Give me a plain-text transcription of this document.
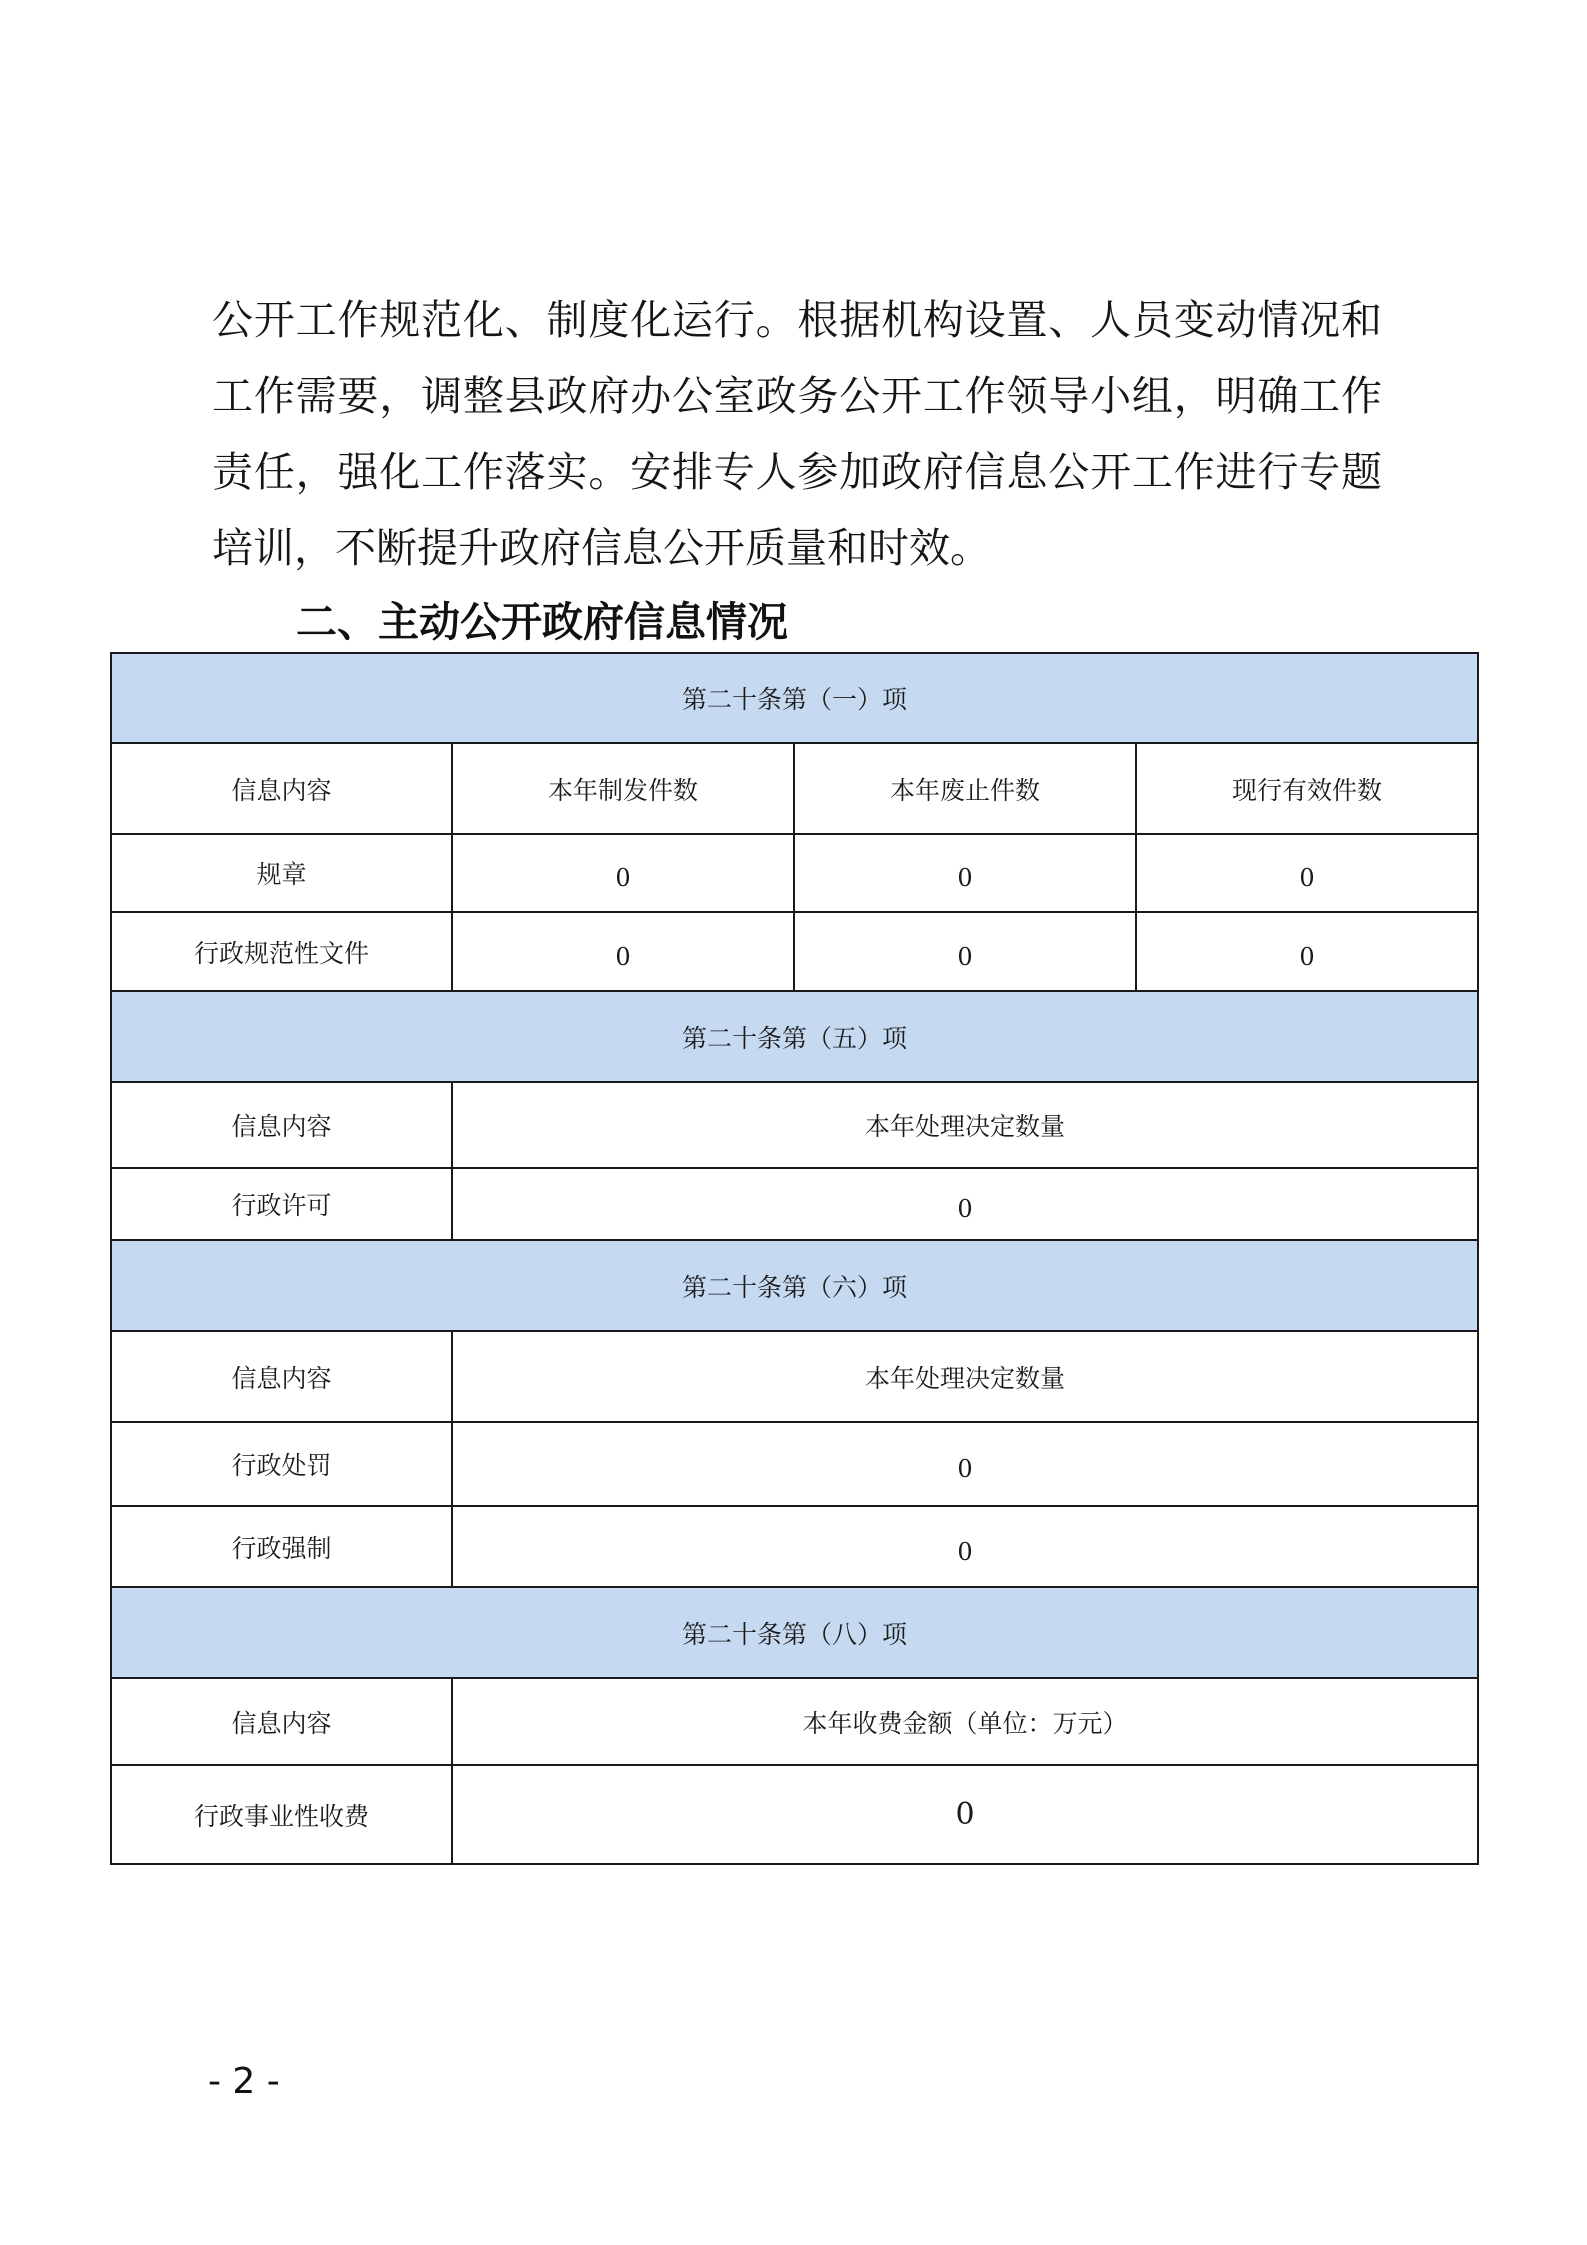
公开工作规范化、制度化运行。根据机构设置、人员变动情况和
工作需要，调整县政府办公室政务公开工作领导小组，明确工作
责任，强化工作落实。安排专人参加政府信息公开工作进行专题
培训，不断提升政府信息公开质量和时效。
二、主动公开政府信息情况
第二十条第（一）项			
信息内容	本年制发件数	本年废止件数	现行有效件数
规章	0	0	0
行政规范性文件	0	0	0
第二十条第（五）项			
信息内容	本年处理决定数量		
行政许可	0		
第二十条第（六）项			
信息内容	本年处理决定数量		
行政处罚	0		
行政强制	0		
第二十条第（八）项			
信息内容	本年收费金额（单位：万元）		
行政事业性收费	0		
- 2 -
